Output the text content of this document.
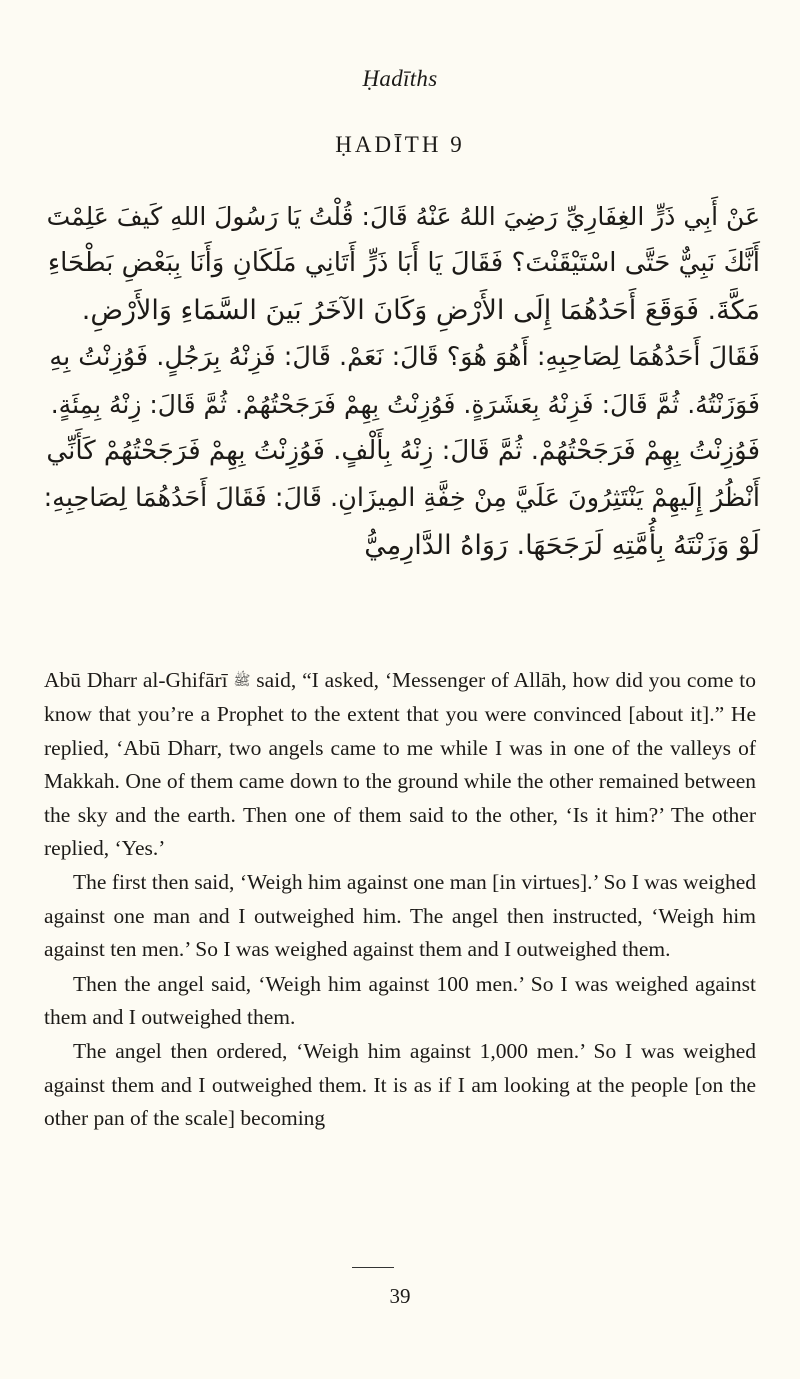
Ḥadīths
ḤADĪTH 9
عَنْ أَبِي ذَرٍّ الغِفَارِيِّ رَضِيَ اللهُ عَنْهُ قَالَ: قُلْتُ يَا رَسُولَ اللهِ كَيفَ عَلِمْتَ
أَنَّكَ نَبِيٌّ حَتَّى اسْتَيْقَنْتَ؟ فَقَالَ يَا أَبَا ذَرٍّ أَتَانِي مَلَكَانِ وَأَنَا بِبَعْضِ بَطْحَاءِ
مَكَّةَ. فَوَقَعَ أَحَدُهُمَا إِلَى الأَرْضِ وَكَانَ الآخَرُ بَينَ السَّمَاءِ وَالأَرْضِ.
فَقَالَ أَحَدُهُمَا لِصَاحِبِهِ: أَهُوَ هُوَ؟ قَالَ: نَعَمْ. قَالَ: فَزِنْهُ بِرَجُلٍ. فَوُزِنْتُ بِهِ
فَوَزَنْتُهُ. ثُمَّ قَالَ: فَزِنْهُ بِعَشَرَةٍ. فَوُزِنْتُ بِهِمْ فَرَجَحْتُهُمْ. ثُمَّ قَالَ: زِنْهُ بِمِئَةٍ.
فَوُزِنْتُ بِهِمْ فَرَجَحْتُهُمْ. ثُمَّ قَالَ: زِنْهُ بِأَلْفٍ. فَوُزِنْتُ بِهِمْ فَرَجَحْتُهُمْ كَأَنِّي
أَنْظُرُ إِلَيهِمْ يَنْتَثِرُونَ عَلَيَّ مِنْ خِفَّةِ المِيزَانِ. قَالَ: فَقَالَ أَحَدُهُمَا لِصَاحِبِهِ:
لَوْ وَزَنْتَهُ بِأُمَّتِهِ لَرَجَحَهَا. رَوَاهُ الدَّارِمِيُّ

Abū Dharr al-Ghifārī ﷺ said, “I asked, ‘Messenger of Allāh, how did you come to know that you’re a Prophet to the extent that you were convinced [about it].” He replied, ‘Abū Dharr, two angels came to me while I was in one of the valleys of Makkah. One of them came down to the ground while the other remained between the sky and the earth. Then one of them said to the other, ‘Is it him?’ The other replied, ‘Yes.’

The first then said, ‘Weigh him against one man [in virtues].’ So I was weighed against one man and I outweighed him. The angel then instructed, ‘Weigh him against ten men.’ So I was weighed against them and I outweighed them.

Then the angel said, ‘Weigh him against 100 men.’ So I was weighed against them and I outweighed them.

The angel then ordered, ‘Weigh him against 1,000 men.’ So I was weighed against them and I outweighed them. It is as if I am looking at the people [on the other pan of the scale] becoming

39
